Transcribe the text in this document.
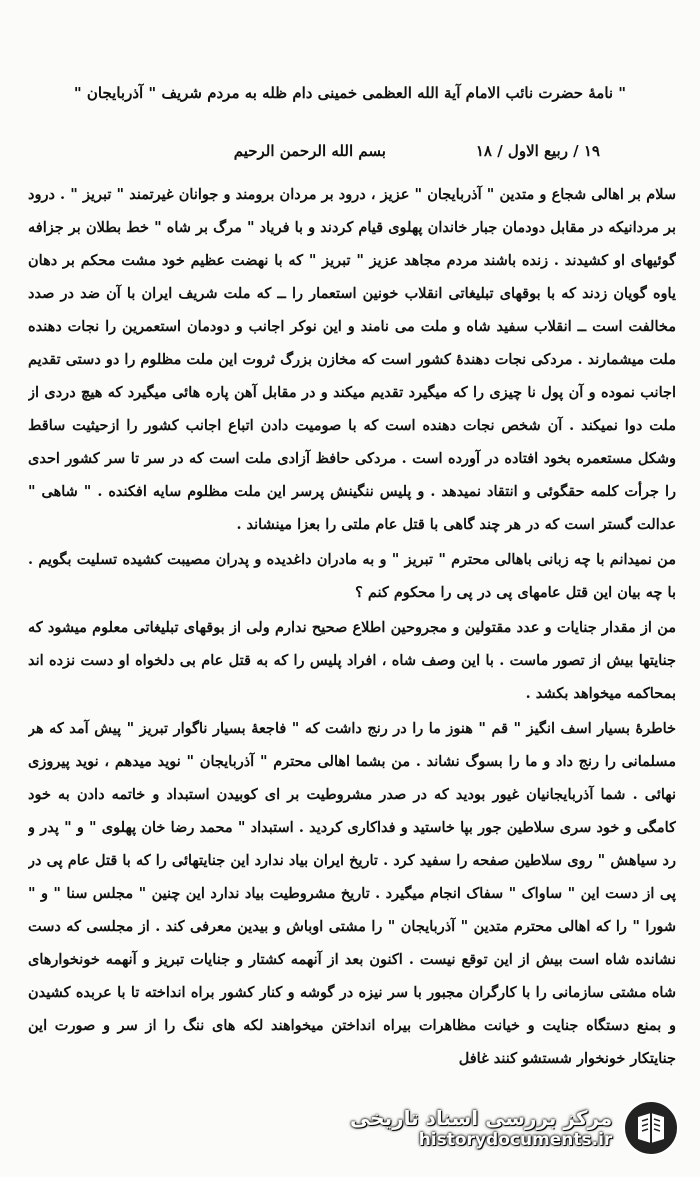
" نامهٔ حضرت نائب الامام آیة الله العظمی خمینی دام ظله به مردم شریف " آذربایجان "
۱۹ / ربیع الاول / ۱۸
بسم الله الرحمن الرحیم

سلام بر اهالی شجاع و متدین " آذربایجان " عزیز ، درود بر مردان برومند و جوانان غیرتمند " تبریز " . درود بر مردانیکه در مقابل دودمان جبار خاندان پهلوی قیام کردند و با فریاد " مرگ بر شاه " خط بطلان بر جزافه گوئیهای او کشیدند . زنده باشند مردم مجاهد عزیز " تبریز " که با نهضت عظیم خود مشت محکم بر دهان یاوه گویان زدند که با بوقهای تبلیغاتی انقلاب خونین استعمار را ــ که ملت شریف ایران با آن ضد در صدد مخالفت است ــ انقلاب سفید شاه و ملت می نامند و این نوکر اجانب و دودمان استعمرین را نجات دهنده ملت میشمارند . مردکی نجات دهندهٔ کشور است که مخازن بزرگ ثروت این ملت مظلوم را دو دستی تقدیم اجانب نموده و آن پول نا چیزی را که میگیرد تقدیم میکند و در مقابل آهن پاره هائی میگیرد که هیچ دردی از ملت دوا نمیکند . آن شخص نجات دهنده است که با صومیت دادن اتباع اجانب کشور را ازحیثیت ساقط وشکل مستعمره بخود افتاده در آورده است . مردکی حافظ آزادی ملت است که در سر تا سر کشور احدی را جرأت کلمه حقگوئی و انتقاد نمیدهد . و پلیس ننگینش پرسر این ملت مظلوم سایه افکنده . " شاهی " عدالت گستر است که در هر چند گاهی با قتل عام ملتی را بعزا مینشاند .

من نمیدانم با چه زبانی باهالی محترم " تبریز " و به مادران داغدیده و پدران مصیبت کشیده تسلیت بگویم . با چه بیان این قتل عامهای پی در پی را محکوم کنم ؟

من از مقدار جنایات و عدد مقتولین و مجروحین اطلاع صحیح ندارم ولی از بوقهای تبلیغاتی معلوم میشود که جنایتها بیش از تصور ماست . با این وصف شاه ، افراد پلیس را که به قتل عام بی دلخواه او دست نزده اند بمحاکمه میخواهد بکشد .

خاطرهٔ بسیار اسف انگیز " قم " هنوز ما را در رنج داشت که " فاجعهٔ بسیار ناگوار تبریز " پیش آمد که هر مسلمانی را رنج داد و ما را بسوگ نشاند . من بشما اهالی محترم " آذربایجان " نوید میدهم ، نوید پیروزی نهائی . شما آذربایجانیان غیور بودید که در صدر مشروطیت بر ای کوبیدن استبداد و خاتمه دادن به خود کامگی و خود سری سلاطین جور بپا خاستید و فداکاری کردید . استبداد " محمد رضا خان پهلوی " و " پدر و رد سیاهش " روی سلاطین صفحه را سفید کرد . تاریخ ایران بیاد ندارد این جنایتهائی را که با قتل عام پی در پی از دست این " ساواک " سفاک انجام میگیرد . تاریخ مشروطیت بیاد ندارد این چنین " مجلس سنا " و " شورا " را که اهالی محترم متدین " آذربایجان " را مشتی اوباش و بیدین معرفی کند . از مجلسی که دست نشانده شاه است بیش از این توقع نیست . اکنون بعد از آنهمه کشتار و جنایات تبریز و آنهمه خونخوارهای شاه مشتی سازمانی را با کارگران مجبور با سر نیزه در گوشه و کنار کشور براه انداخته تا با عربده کشیدن و بمنع دستگاه جنایت و خیانت مظاهرات بیراه انداختن میخواهند لکه های ننگ را از سر و صورت این جنایتکار خونخوار شستشو کنند غافل

مرکز بررسی اسناد تاریخی
historydocuments.ir
